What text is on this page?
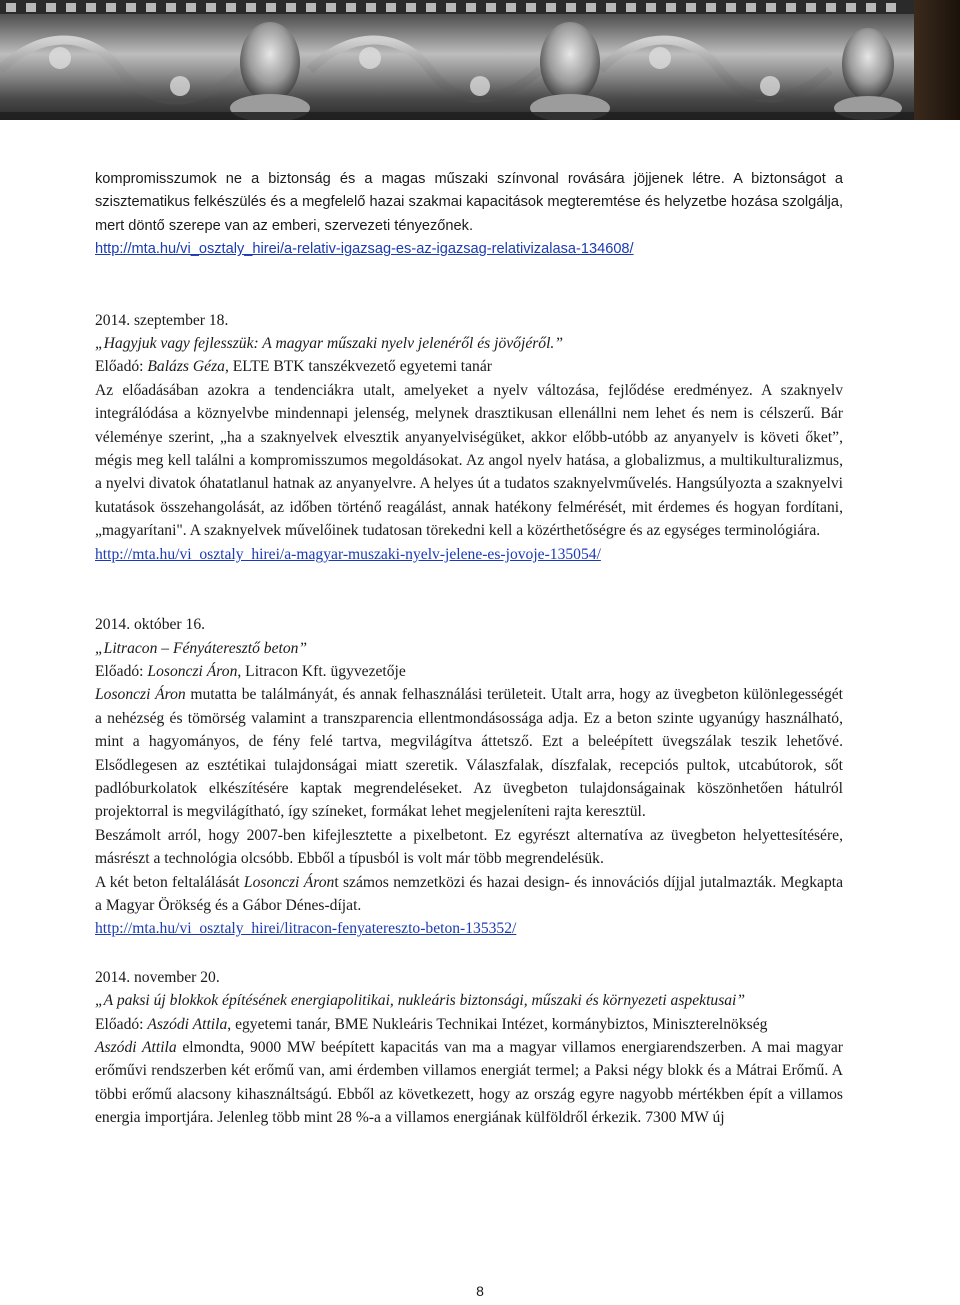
kompromisszumok ne a biztonság és a magas műszaki színvonal rovására jöjjenek létre. A biztonságot a szisztematikus felkészülés és a megfelelő hazai szakmai kapacitások megteremtése és helyzetbe hozása szolgálja, mert döntő szerepe van az emberi, szervezeti tényezőnek.
http://mta.hu/vi_osztaly_hirei/a-relativ-igazsag-es-az-igazsag-relativizalasa-134608/

2014. szeptember 18.

„Hagyjuk vagy fejlesszük: A magyar műszaki nyelv jelenéről és jövőjéről.”

Előadó: Balázs Géza, ELTE BTK tanszékvezető egyetemi tanár

Az előadásában azokra a tendenciákra utalt, amelyeket a nyelv változása, fejlődése eredményez. A szaknyelv integrálódása a köznyelvbe mindennapi jelenség, melynek drasztikusan ellenállni nem lehet és nem is célszerű. Bár véleménye szerint, „ha a szaknyelvek elvesztik anyanyelviségüket, akkor előbb-utóbb az anyanyelv is követi őket”, mégis meg kell találni a kompromisszumos megoldásokat. Az angol nyelv hatása, a globalizmus, a multikulturalizmus, a nyelvi divatok óhatatlanul hatnak az anyanyelvre. A helyes út a tudatos szaknyelvművelés. Hangsúlyozta a szaknyelvi kutatások összehangolását, az időben történő reagálást, annak hatékony felmérését, mit érdemes és hogyan fordítani, „magyarítani". A szaknyelvek művelőinek tudatosan törekedni kell a közérthetőségre és az egységes terminológiára.

http://mta.hu/vi_osztaly_hirei/a-magyar-muszaki-nyelv-jelene-es-jovoje-135054/

2014. október 16.

„Litracon – Fényáteresztő beton”

Előadó: Losonczi Áron, Litracon Kft. ügyvezetője

Losonczi Áron mutatta be találmányát, és annak felhasználási területeit. Utalt arra, hogy az üvegbeton különlegességét a nehézség és tömörség valamint a transzparencia ellentmondásossága adja. Ez a beton szinte ugyanúgy használható, mint a hagyományos, de fény felé tartva, megvilágítva áttetsző. Ezt a beleépített üvegszálak teszik lehetővé. Elsődlegesen az esztétikai tulajdonságai miatt szeretik. Válaszfalak, díszfalak, recepciós pultok, utcabútorok, sőt padlóburkolatok elkészítésére kaptak megrendeléseket. Az üvegbeton tulajdonságainak köszönhetően hátulról projektorral is megvilágítható, így színeket, formákat lehet megjeleníteni rajta keresztül.

Beszámolt arról, hogy 2007-ben kifejlesztette a pixelbetont. Ez egyrészt alternatíva az üvegbeton helyettesítésére, másrészt a technológia olcsóbb. Ebből a típusból is volt már több megrendelésük.

A két beton feltalálását Losonczi Áront számos nemzetközi és hazai design- és innovációs díjjal jutalmazták. Megkapta a Magyar Örökség és a Gábor Dénes-díjat.

http://mta.hu/vi_osztaly_hirei/litracon-fenyatereszto-beton-135352/

2014. november 20.

„A paksi új blokkok építésének energiapolitikai, nukleáris biztonsági, műszaki és környezeti aspektusai”

Előadó: Aszódi Attila, egyetemi tanár, BME Nukleáris Technikai Intézet, kormánybiztos, Miniszterelnökség

Aszódi Attila elmondta, 9000 MW beépített kapacitás van ma a magyar villamos energiarendszerben. A mai magyar erőművi rendszerben két erőmű van, ami érdemben villamos energiát termel; a Paksi négy blokk és a Mátrai Erőmű. A többi erőmű alacsony kihasználtságú. Ebből az következett, hogy az ország egyre nagyobb mértékben épít a villamos energia importjára. Jelenleg több mint 28 %-a a villamos energiának külföldről érkezik. 7300 MW új

8
